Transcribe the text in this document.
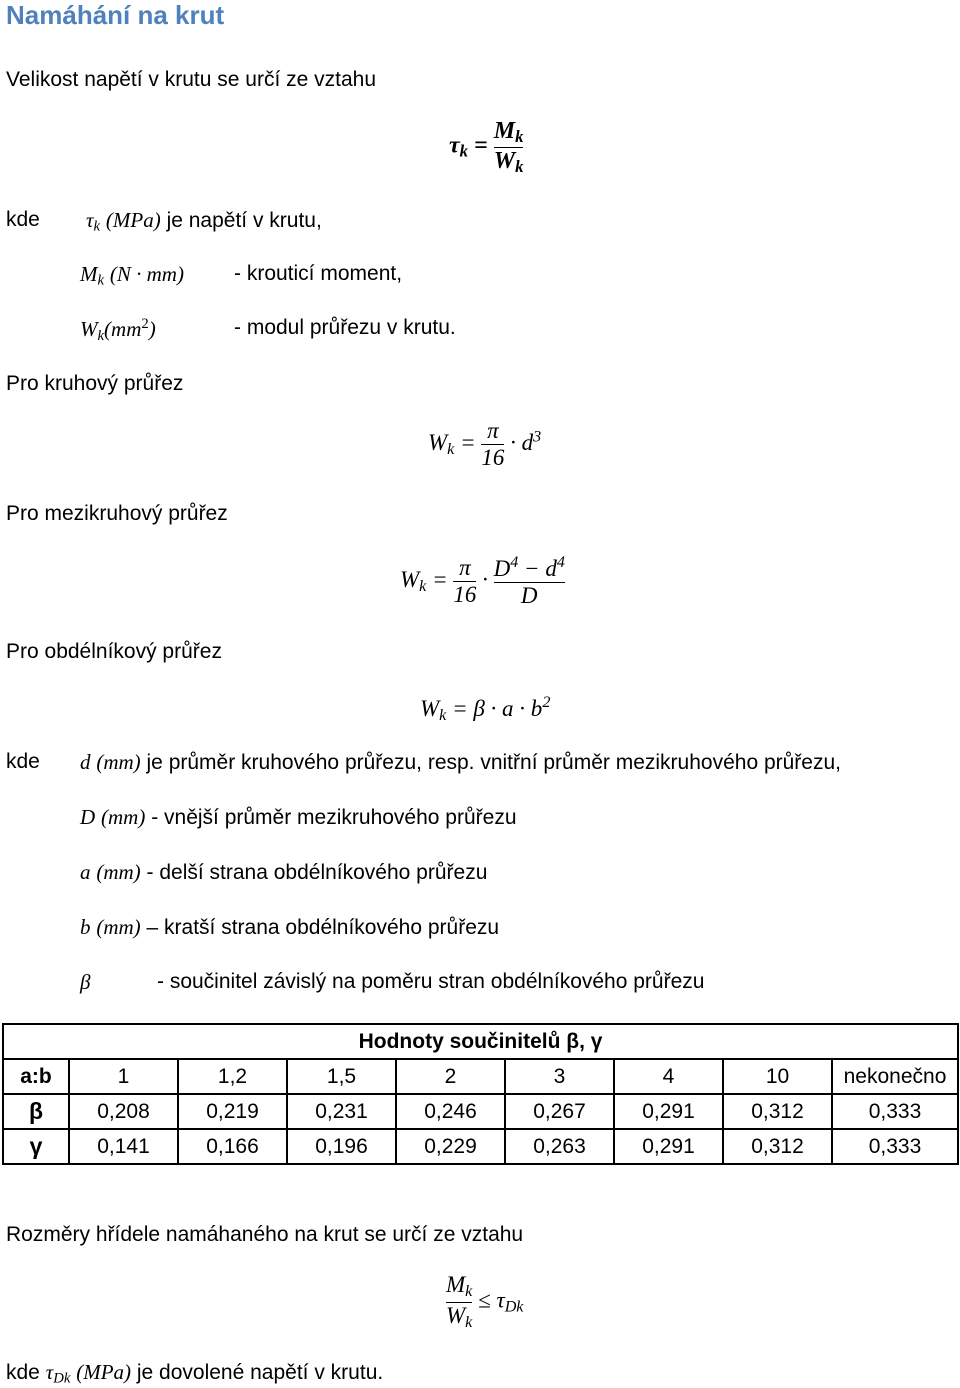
Namáhání na krut
Velikost napětí v krutu se určí ze vztahu
$\tau_k = \frac{M_k}{W_k}$
kde $\tau_k$ (MPa) je napětí v krutu,
$M_k$ (N · mm) - krouticí moment,
$W_k(mm^2)$	- modul průřezu v krutu.
Pro kruhový průřez
$W_k = \frac{\pi}{16} \cdot d^3$
Pro mezikruhový průřez
$W_k = \frac{\pi}{16} \cdot \frac{D^4 - d^4}{D}$
Pro obdélníkový průřez
$W_k = \beta \cdot a \cdot b^2$
kde d (mm) je průměr kruhového průřezu, resp. vnitřní průměr mezikruhového průřezu,
D (mm) - vnější průměr mezikruhového průřezu
a (mm) - delší strana obdélníkového průřezu
b (mm) – kratší strana obdélníkového průřezu
β	- součinitel závislý na poměru stran obdélníkového průřezu
Hodnoty součinitelů β, γ								
a:b	1	1,2	1,5	2	3	4	10	nekonečno
β	0,208	0,219	0,231	0,246	0,267	0,291	0,312	0,333
γ	0,141	0,166	0,196	0,229	0,263	0,291	0,312	0,333
Rozměry hřídele namáhaného na krut se určí ze vztahu
$\frac{M_k}{W_k} \le \tau_{Dk}$
kde $\tau_{Dk}$ (MPa) je dovolené napětí v krutu.
